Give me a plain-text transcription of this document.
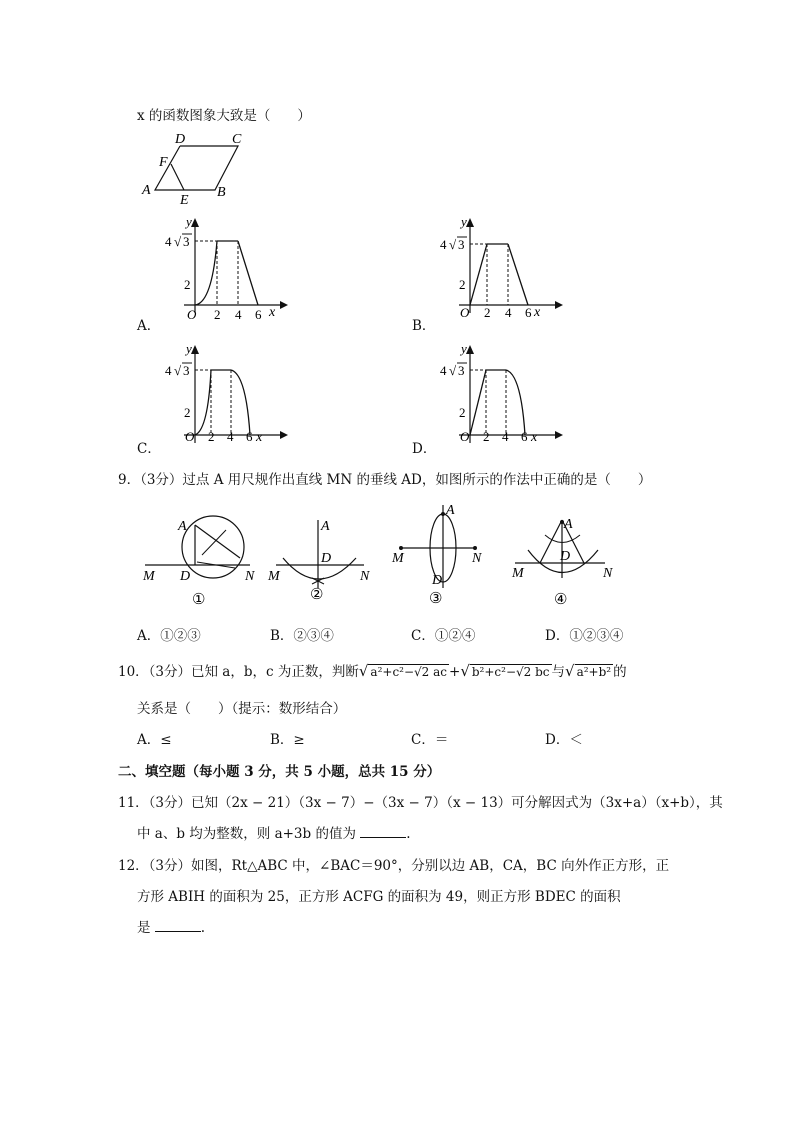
x 的函数图象大致是（　　）
D	C
F
A
E
B
y
4 √ 3
2
O 2 4 6 x
A．
y
4 √ 3
2
O 2 4 6 x
B．
y
4 √ 3
2
O 2 4 6 x
C．
y
4 √ 3
2
O 2 4 6 x
D．
9．（3分）过点 A 用尺规作出直线 MN 的垂线 AD，如图所示的作法中正确的是（　　）
A
D
M	N
①
A
D
M	N
②
A
D
M	N
③
A
D
M	N
④
A．①②③	B．②③④	C．①②④	D．①②③④
10．（3分）已知 a，b，c 为正数，判断√ a²+c²−√2 ac +√ b²+c²−√2 bc 与√ a²+b² 的
关系是（　　）（提示：数形结合）
A．≤	B．≥	C．＝	D．＜
二、填空题（每小题 3 分，共 5 小题，总共 15 分）
11．（3分）已知（2x − 21）（3x − 7）−（3x − 7）（x − 13）可分解因式为（3x+a）（x+b），其
中 a、b 均为整数，则 a+3b 的值为	.
12．（3分）如图，Rt△ABC 中，∠BAC＝90°，分别以边 AB，CA，BC 向外作正方形，正
方形 ABIH 的面积为 25，正方形 ACFG 的面积为 49，则正方形 BDEC 的面积
是	.
